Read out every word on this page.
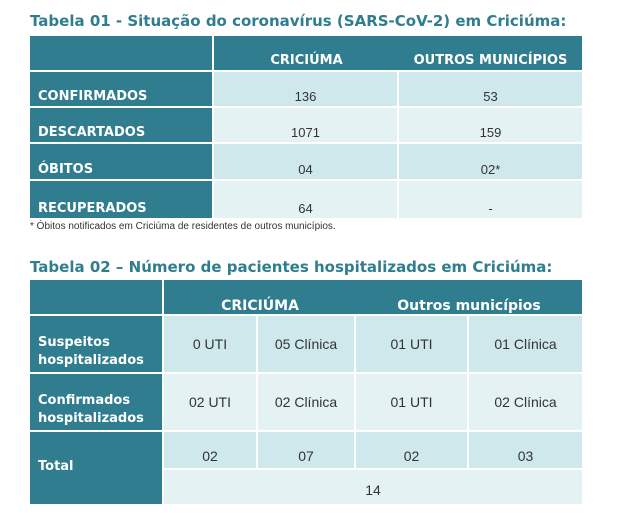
Tabela 01 - Situação do coronavírus (SARS-CoV-2) em Criciúma:
	CRICIÚMA	OUTROS MUNICÍPIOS
CONFIRMADOS	136	53
DESCARTADOS	1071	159
ÓBITOS	04	02*
RECUPERADOS	64	-
* Óbitos notificados em Criciúma de residentes de outros municípios.
Tabela 02 – Número de pacientes hospitalizados em Criciúma:
	CRICIÚMA		Outros municípios	
Suspeitos
hospitalizados	0 UTI	05 Clínica	01 UTI	01 Clínica
Confirmados
hospitalizados	02 UTI	02 Clínica	01 UTI	02 Clínica
Total	02	07	02	03
	14			
